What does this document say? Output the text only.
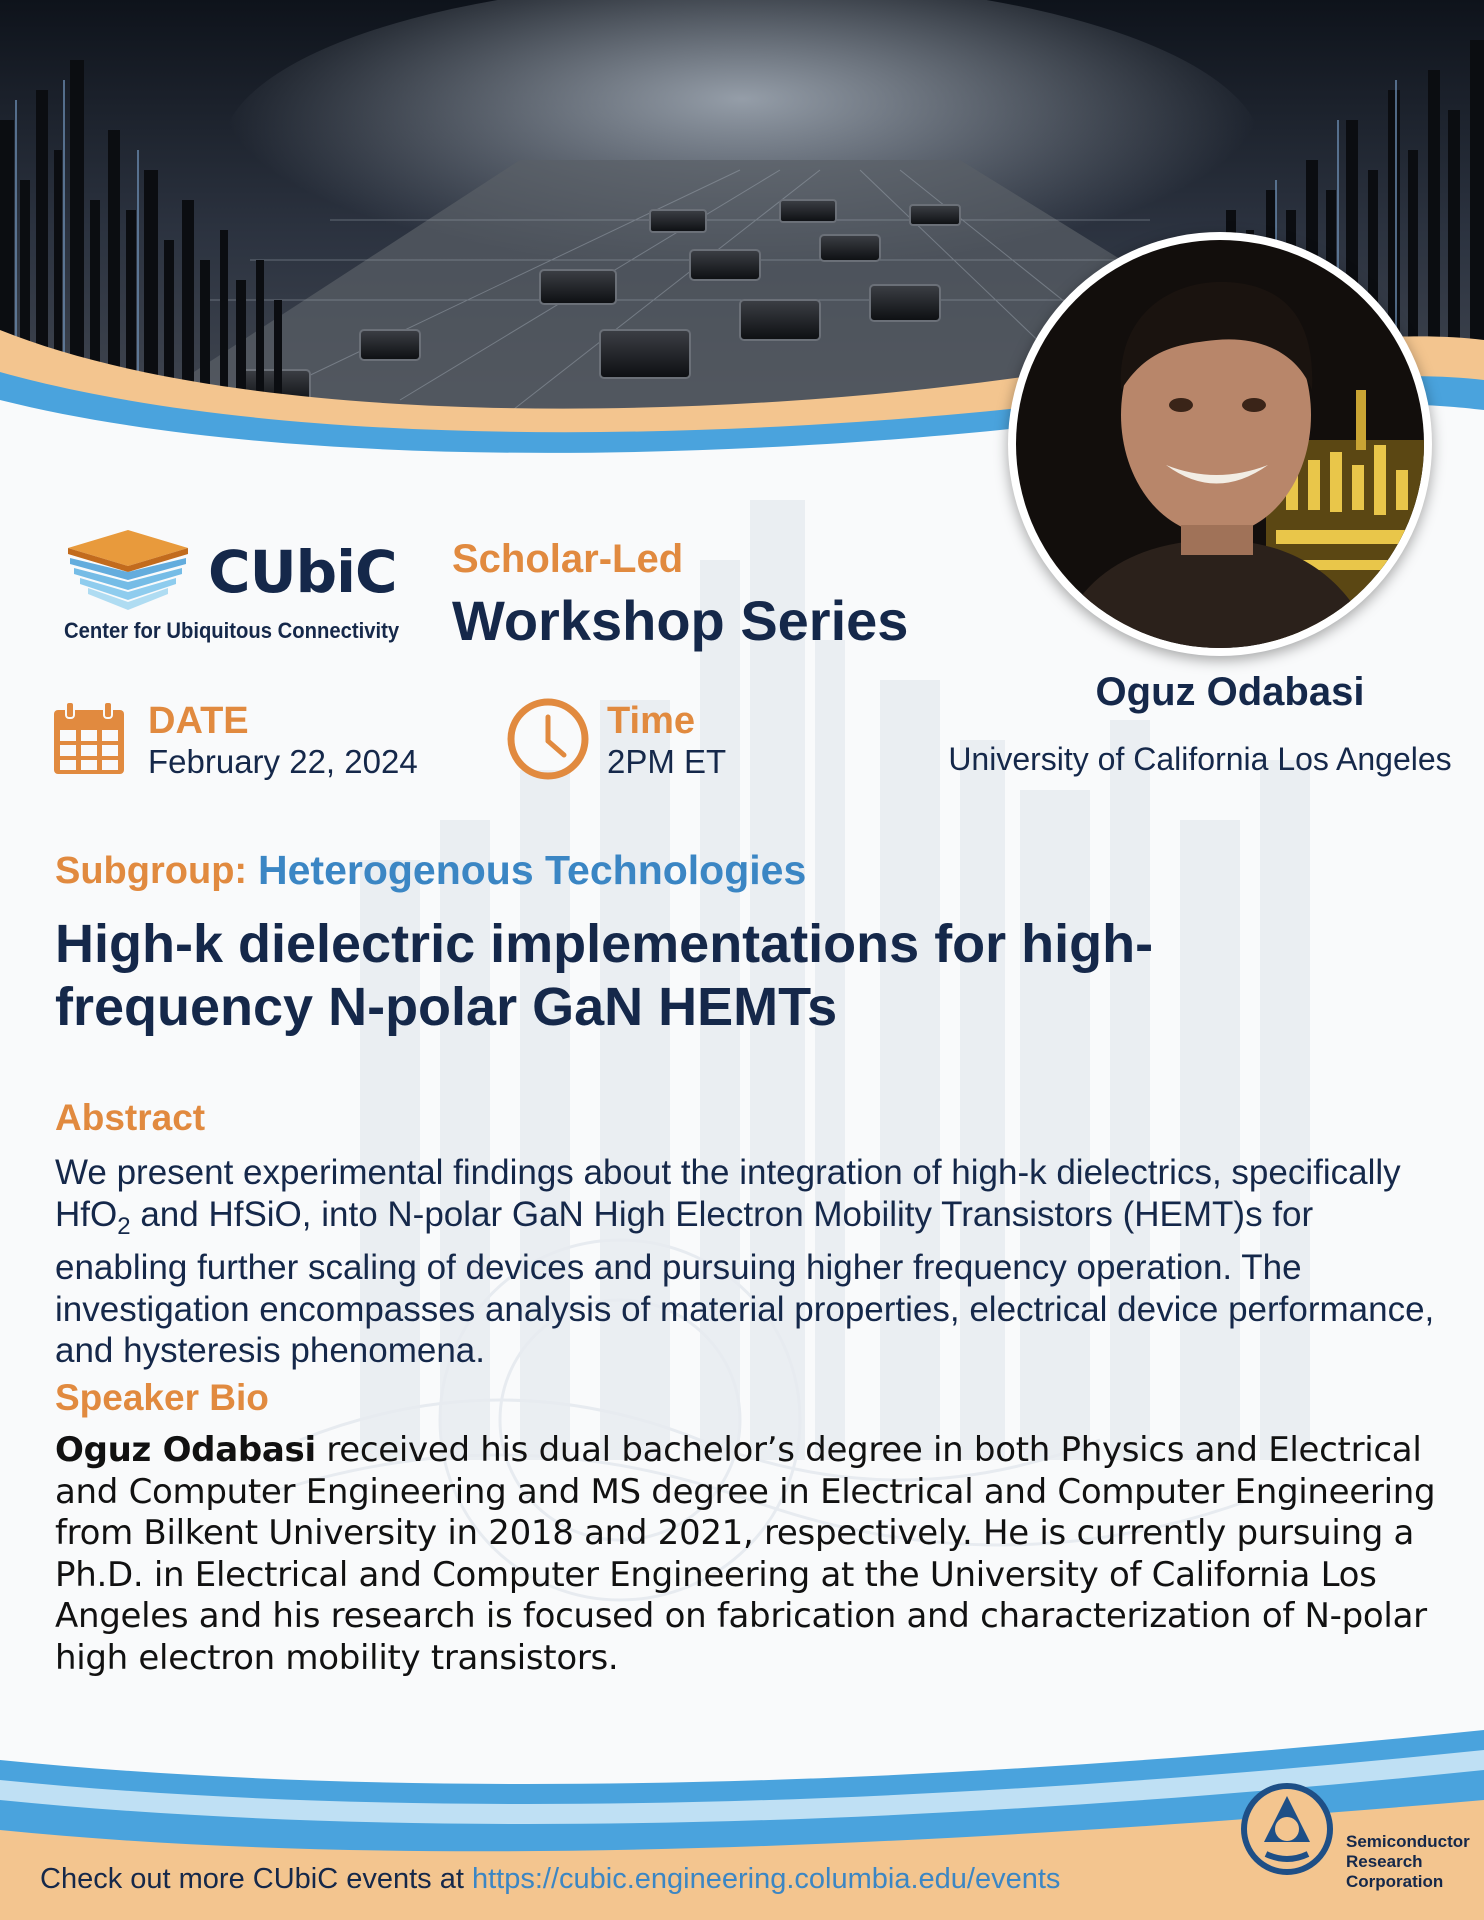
CUbiC
Center for Ubiquitous Connectivity
Scholar-Led
Workshop Series
Oguz Odabasi
University of California Los Angeles
DATE
February 22, 2024
Time
2PM ET
Subgroup: Heterogenous Technologies
High-k dielectric implementations for high-frequency N-polar GaN HEMTs
Abstract
We present experimental findings about the integration of high-k dielectrics, specifically HfO$_2$ and HfSiO, into N-polar GaN High Electron Mobility Transistors (HEMT)s for enabling further scaling of devices and pursuing higher frequency operation. The investigation encompasses analysis of material properties, electrical device performance, and hysteresis phenomena.
Speaker Bio
Oguz Odabasi received his dual bachelor’s degree in both Physics and Electrical and Computer Engineering and MS degree in Electrical and Computer Engineering from Bilkent University in 2018 and 2021, respectively. He is currently pursuing a Ph.D. in Electrical and Computer Engineering at the University of California Los Angeles and his research is focused on fabrication and characterization of N-polar high electron mobility transistors.
Check out more CUbiC events at https://cubic.engineering.columbia.edu/events
Semiconductor Research Corporation
